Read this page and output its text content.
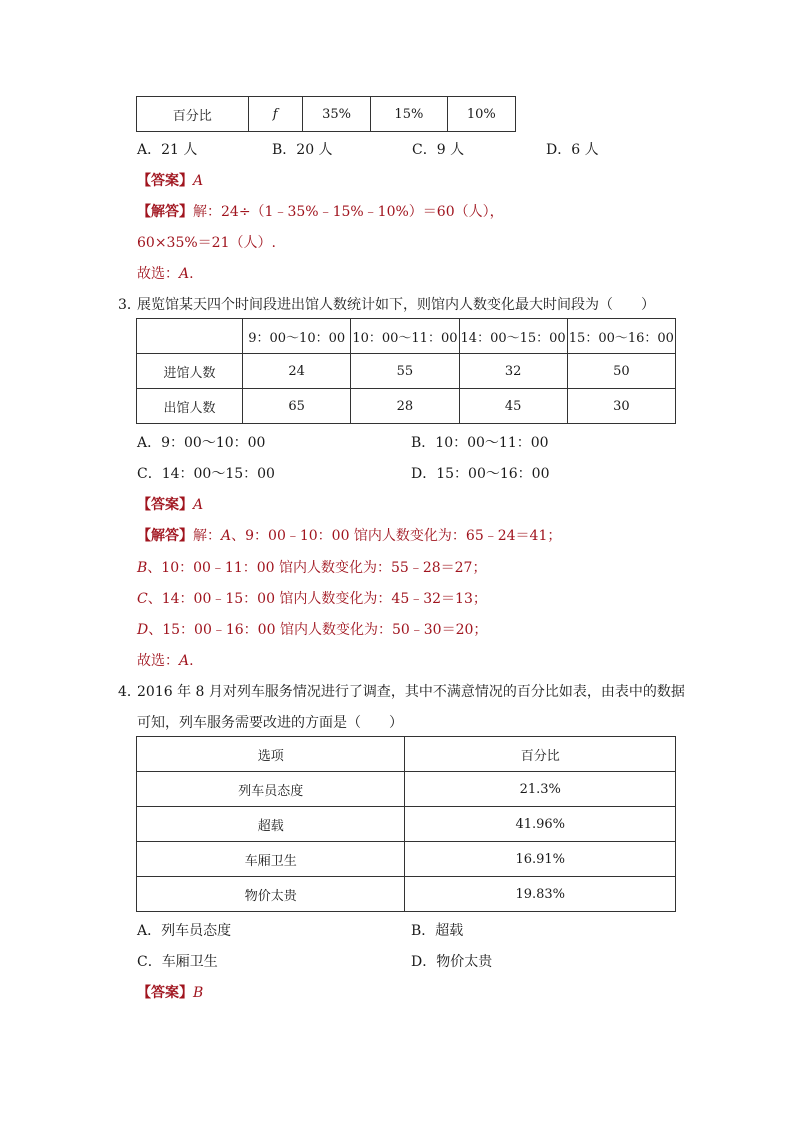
百分比	f	35%	15%	10%
A．21 人	B．20 人	C．9 人	D．6 人
【答案】A
【解答】解：24÷（1﹣35%﹣15%﹣10%）＝60（人），
60×35%＝21（人）.
故选：A.
3．
展览馆某天四个时间段进出馆人数统计如下，则馆内人数变化最大时间段为（　　）
	9：00～10：00	10：00～11：00	14：00～15：00	15：00～16：00
进馆人数	24	55	32	50
出馆人数	65	28	45	30
A．9：00～10：00	B．10：00～11：00
C．14：00～15：00	D．15：00～16：00
【答案】A
【解答】解：A、9：00﹣10：00 馆内人数变化为：65﹣24＝41；
B、10：00﹣11：00 馆内人数变化为：55﹣28＝27；
C、14：00﹣15：00 馆内人数变化为：45﹣32＝13；
D、15：00﹣16：00 馆内人数变化为：50﹣30＝20；
故选：A.
4．
2016 年 8 月对列车服务情况进行了调查，其中不满意情况的百分比如表，由表中的数据
可知，列车服务需要改进的方面是（　　）
选项	百分比
列车员态度	21.3%
超载	41.96%
车厢卫生	16.91%
物价太贵	19.83%
A．列车员态度	B．超载
C．车厢卫生	D．物价太贵
【答案】B
